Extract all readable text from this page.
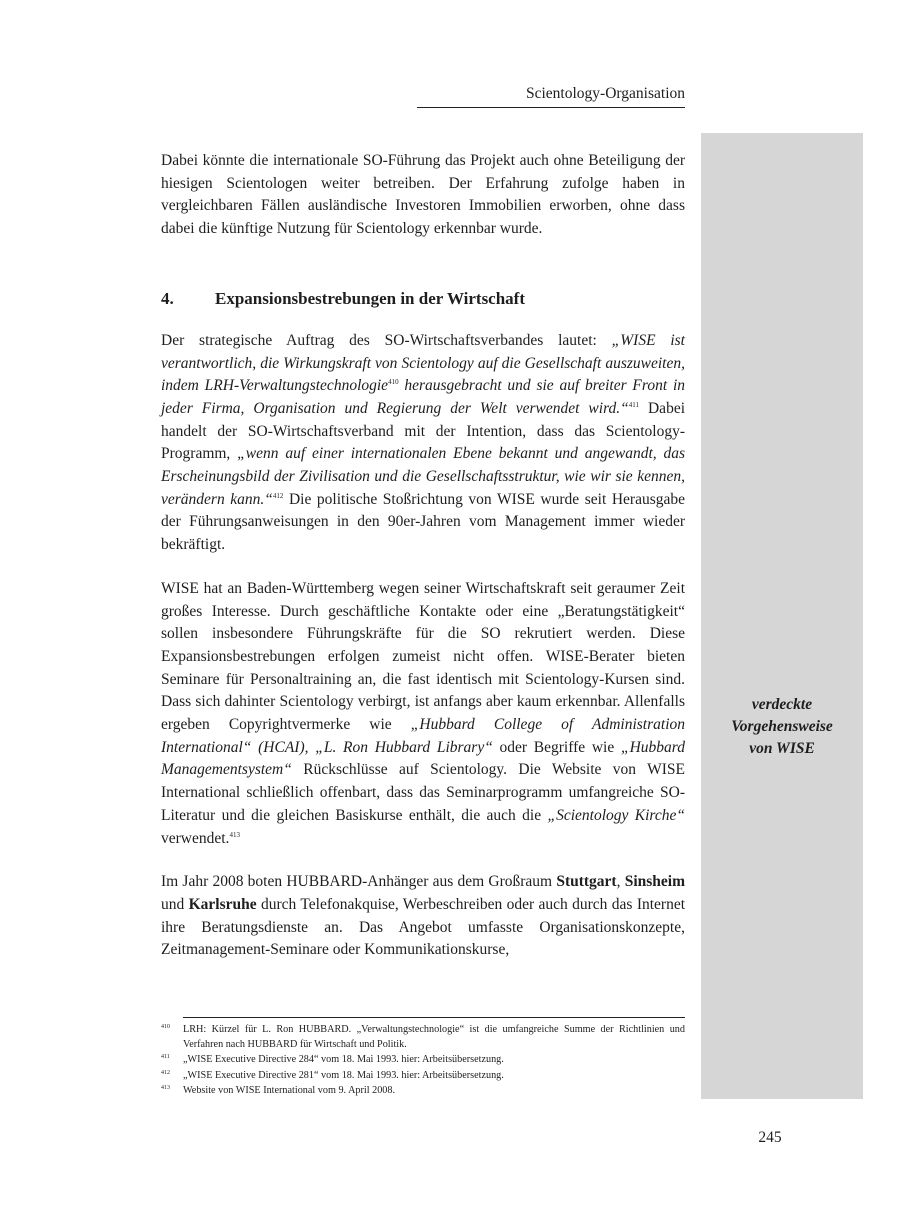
Scientology-Organisation
verdeckte
Vorgehensweise
von WISE

Dabei könnte die internationale SO-Führung das Projekt auch ohne Beteiligung der hiesigen Scientologen weiter betreiben. Der Erfahrung zufolge haben in vergleichbaren Fällen ausländische Investoren Immobilien erworben, ohne dass dabei die künftige Nutzung für Scientology erkennbar wurde.

4. Expansionsbestrebungen in der Wirtschaft

Der strategische Auftrag des SO-Wirtschaftsverbandes lautet: „WISE ist verantwortlich, die Wirkungskraft von Scientology auf die Gesellschaft auszuweiten, indem LRH-Verwaltungstechnologie$^{410}$ herausgebracht und sie auf breiter Front in jeder Firma, Organisation und Regierung der Welt verwendet wird.“$^{411}$ Dabei handelt der SO-Wirtschaftsverband mit der Intention, dass das Scientology-Programm, „wenn auf einer internationalen Ebene bekannt und angewandt, das Erscheinungsbild der Zivilisation und die Gesellschaftsstruktur, wie wir sie kennen, verändern kann.“$^{412}$ Die politische Stoßrichtung von WISE wurde seit Herausgabe der Führungsanweisungen in den 90er-Jahren vom Management immer wieder bekräftigt.

WISE hat an Baden-Württemberg wegen seiner Wirtschaftskraft seit geraumer Zeit großes Interesse. Durch geschäftliche Kontakte oder eine „Beratungstätigkeit“ sollen insbesondere Führungskräfte für die SO rekrutiert werden. Diese Expansionsbestrebungen erfolgen zumeist nicht offen. WISE-Berater bieten Seminare für Personaltraining an, die fast identisch mit Scientology-Kursen sind. Dass sich dahinter Scientology verbirgt, ist anfangs aber kaum erkennbar. Allenfalls ergeben Copyrightvermerke wie „Hubbard College of Administration International“ (HCAI), „L. Ron Hubbard Library“ oder Begriffe wie „Hubbard Managementsystem“ Rückschlüsse auf Scientology. Die Website von WISE International schließlich offenbart, dass das Seminarprogramm umfangreiche SO-Literatur und die gleichen Basiskurse enthält, die auch die „Scientology Kirche“ verwendet.$^{413}$

Im Jahr 2008 boten HUBBARD-Anhänger aus dem Großraum Stuttgart, Sinsheim und Karlsruhe durch Telefonakquise, Werbeschreiben oder auch durch das Internet ihre Beratungsdienste an. Das Angebot umfasste Organisationskonzepte, Zeitmanagement-Seminare oder Kommunikationskurse,

410 LRH: Kürzel für L. Ron HUBBARD. „Verwaltungstechnologie“ ist die umfangreiche Summe der Richtlinien und Verfahren nach HUBBARD für Wirtschaft und Politik.
411 „WISE Executive Directive 284“ vom 18. Mai 1993. hier: Arbeitsübersetzung.
412 „WISE Executive Directive 281“ vom 18. Mai 1993. hier: Arbeitsübersetzung.
413 Website von WISE International vom 9. April 2008.
245
